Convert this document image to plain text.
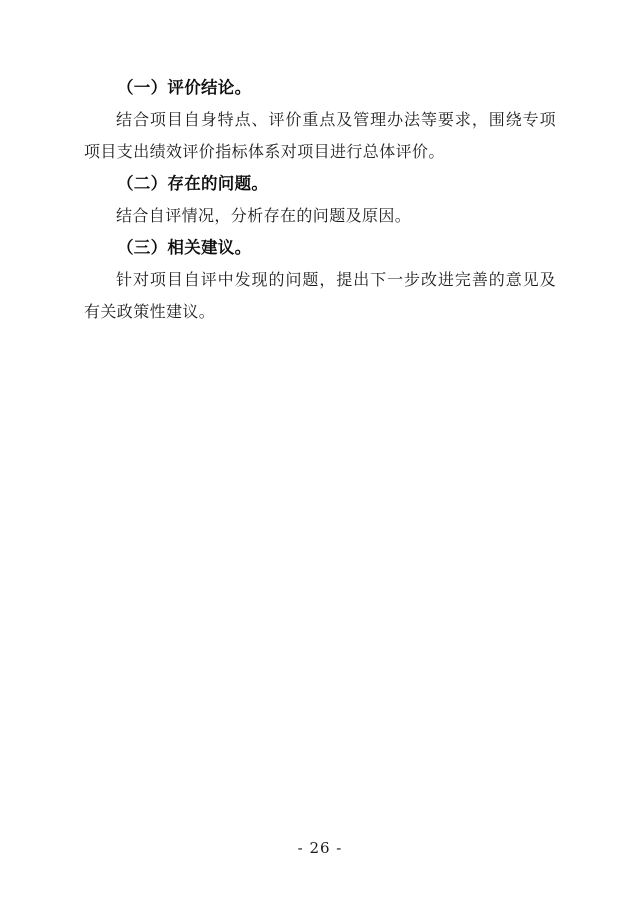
（一）评价结论。

结合项目自身特点、评价重点及管理办法等要求，围绕专项项目支出绩效评价指标体系对项目进行总体评价。

（二）存在的问题。

结合自评情况，分析存在的问题及原因。

（三）相关建议。

针对项目自评中发现的问题，提出下一步改进完善的意见及有关政策性建议。

- 26 -
